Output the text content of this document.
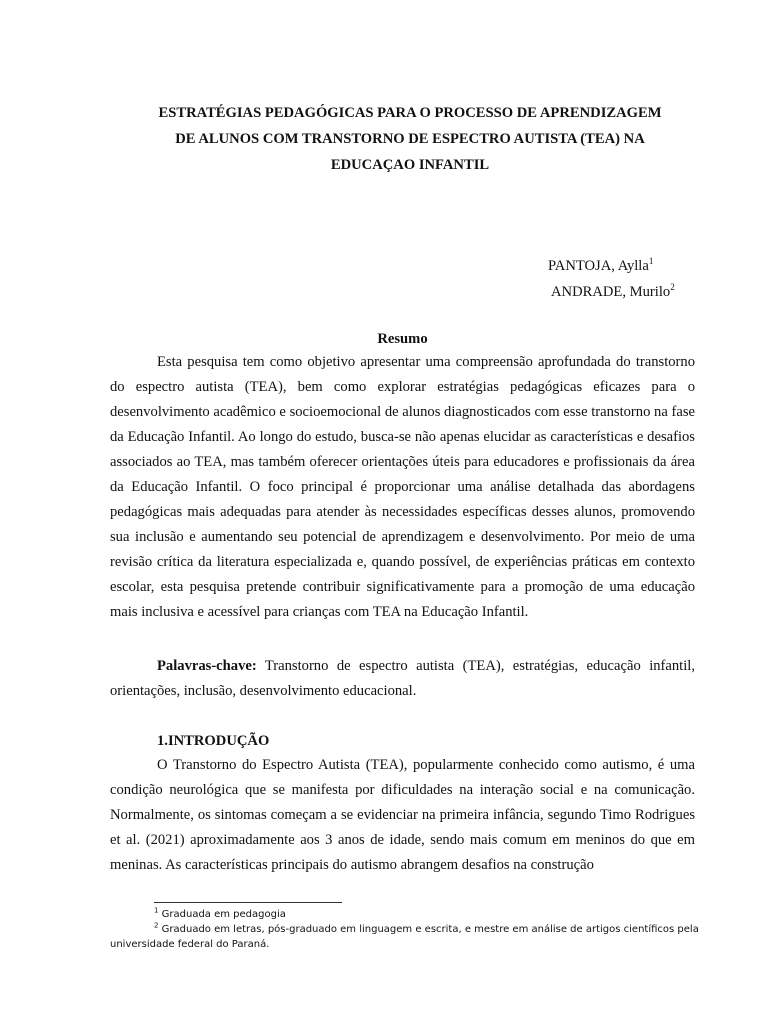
ESTRATÉGIAS PEDAGÓGICAS PARA O PROCESSO DE APRENDIZAGEM
DE ALUNOS COM TRANSTORNO DE ESPECTRO AUTISTA (TEA) NA
EDUCAÇAO INFANTIL
PANTOJA, Aylla$^1$
ANDRADE, Murilo$^2$
Resumo

Esta pesquisa tem como objetivo apresentar uma compreensão aprofundada do transtorno do espectro autista (TEA), bem como explorar estratégias pedagógicas eficazes para o desenvolvimento acadêmico e socioemocional de alunos diagnosticados com esse transtorno na fase da Educação Infantil. Ao longo do estudo, busca-se não apenas elucidar as características e desafios associados ao TEA, mas também oferecer orientações úteis para educadores e profissionais da área da Educação Infantil. O foco principal é proporcionar uma análise detalhada das abordagens pedagógicas mais adequadas para atender às necessidades específicas desses alunos, promovendo sua inclusão e aumentando seu potencial de aprendizagem e desenvolvimento. Por meio de uma revisão crítica da literatura especializada e, quando possível, de experiências práticas em contexto escolar, esta pesquisa pretende contribuir significativamente para a promoção de uma educação mais inclusiva e acessível para crianças com TEA na Educação Infantil.

Palavras-chave: Transtorno de espectro autista (TEA), estratégias, educação infantil, orientações, inclusão, desenvolvimento educacional.

1.INTRODUÇÃO

O Transtorno do Espectro Autista (TEA), popularmente conhecido como autismo, é uma condição neurológica que se manifesta por dificuldades na interação social e na comunicação. Normalmente, os sintomas começam a se evidenciar na primeira infância, segundo Timo Rodrigues et al. (2021) aproximadamente aos 3 anos de idade, sendo mais comum em meninos do que em meninas. As características principais do autismo abrangem desafios na construção

$^1$ Graduada em pedagogia

$^2$ Graduado em letras, pós-graduado em linguagem e escrita, e mestre em análise de artigos científicos pela universidade federal do Paraná.
